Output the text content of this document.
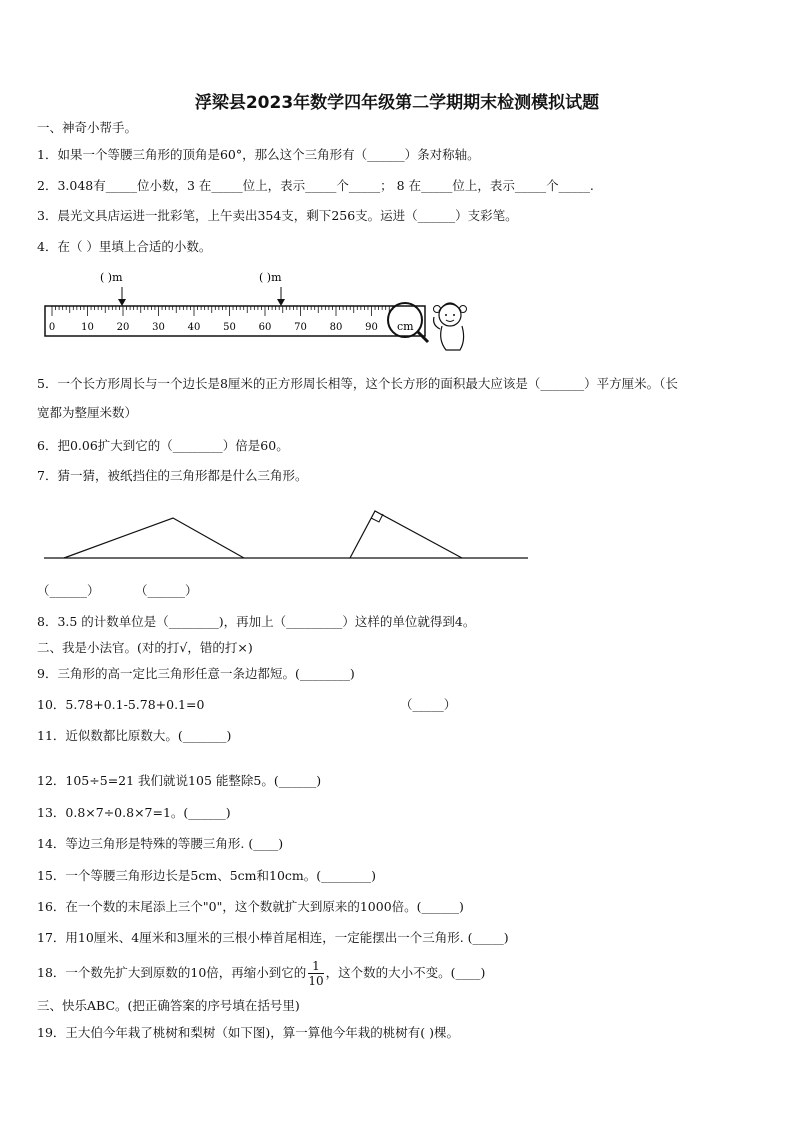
浮梁县2023年数学四年级第二学期期末检测模拟试题
一、神奇小帮手。
1．如果一个等腰三角形的顶角是60°，那么这个三角形有（______）条对称轴。
2．3.048有_____位小数，3 在_____位上，表示_____个_____； 8 在_____位上，表示_____个_____.
3．晨光文具店运进一批彩笔，上午卖出354支，剩下256支。运进（______）支彩笔。
4．在（ ）里填上合适的小数。
( )m	( )m
0	10 20 30 40 50 60 70 80 90 cm
5．一个长方形周长与一个边长是8厘米的正方形周长相等，这个长方形的面积最大应该是（_______）平方厘米。（长
宽都为整厘米数）
6．把0.06扩大到它的（________）倍是60。
7．猜一猜，被纸挡住的三角形都是什么三角形。
（______）	（______）
8．3.5 的计数单位是（________)，再加上（_________）这样的单位就得到4。
二、我是小法官。(对的打√，错的打×)
9．三角形的高一定比三角形任意一条边都短。(________)
10．5.78+0.1-5.78+0.1=0	（_____）
11．近似数都比原数大。(_______)
12．105÷5=21 我们就说105 能整除5。(______)
13．0.8×7÷0.8×7=1。(______)
14．等边三角形是特殊的等腰三角形. (____)
15．一个等腰三角形边长是5cm、5cm和10cm。(________)
16．在一个数的末尾添上三个"0"，这个数就扩大到原来的1000倍。(______)
17．用10厘米、4厘米和3厘米的三根小棒首尾相连，一定能摆出一个三角形. (_____)
18．一个数先扩大到原数的10倍，再缩小到它的 $\frac{1}{10}$ ，这个数的大小不变。(____)
三、快乐ABC。(把正确答案的序号填在括号里)
19．王大伯今年栽了桃树和梨树（如下图)，算一算他今年栽的桃树有( )棵。
